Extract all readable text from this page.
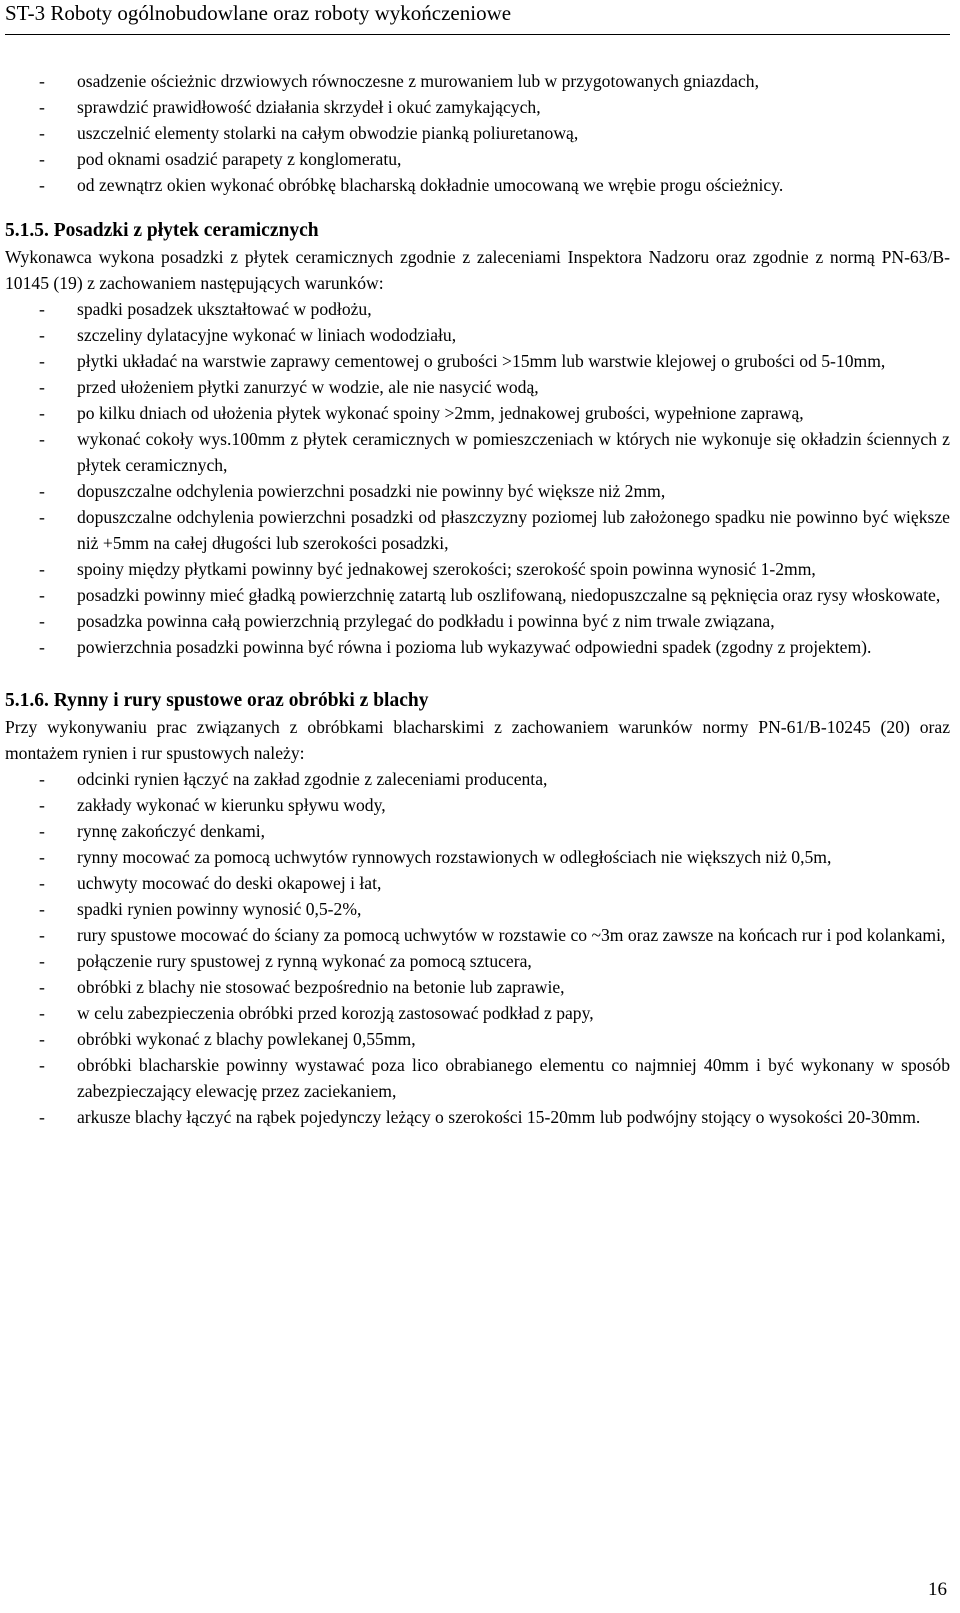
ST-3 Roboty ogólnobudowlane oraz roboty wykończeniowe
- osadzenie ościeżnic drzwiowych równoczesne z murowaniem lub w przygotowanych gniazdach,
- sprawdzić prawidłowość działania skrzydeł i okuć zamykających,
- uszczelnić elementy stolarki na całym obwodzie pianką poliuretanową,
- pod oknami osadzić parapety z konglomeratu,
- od zewnątrz okien wykonać obróbkę blacharską dokładnie umocowaną we wrębie progu ościeżnicy.
5.1.5. Posadzki z płytek ceramicznych

Wykonawca wykona posadzki z płytek ceramicznych zgodnie z zaleceniami Inspektora Nadzoru oraz zgodnie z normą PN-63/B-10145 (19) z zachowaniem następujących warunków:

- spadki posadzek ukształtować w podłożu,
- szczeliny dylatacyjne wykonać w liniach wododziału,
- płytki układać na warstwie zaprawy cementowej o grubości >15mm lub warstwie klejowej o grubości od 5-10mm,
- przed ułożeniem płytki zanurzyć w wodzie, ale nie nasycić wodą,
- po kilku dniach od ułożenia płytek wykonać spoiny >2mm, jednakowej grubości, wypełnione zaprawą,
- wykonać cokoły wys.100mm z płytek ceramicznych w pomieszczeniach w których nie wykonuje się okładzin ściennych z płytek ceramicznych,
- dopuszczalne odchylenia powierzchni posadzki nie powinny być większe niż 2mm,
- dopuszczalne odchylenia powierzchni posadzki od płaszczyzny poziomej lub założonego spadku nie powinno być większe niż +5mm na całej długości lub szerokości posadzki,
- spoiny między płytkami powinny być jednakowej szerokości; szerokość spoin powinna wynosić 1-2mm,
- posadzki powinny mieć gładką powierzchnię zatartą lub oszlifowaną, niedopuszczalne są pęknięcia oraz rysy włoskowate,
- posadzka powinna całą powierzchnią przylegać do podkładu i powinna być z nim trwale związana,
- powierzchnia posadzki powinna być równa i pozioma lub wykazywać odpowiedni spadek (zgodny z projektem).
5.1.6. Rynny i rury spustowe oraz obróbki z blachy

Przy wykonywaniu prac związanych z obróbkami blacharskimi z zachowaniem warunków normy PN-61/B-10245 (20) oraz montażem rynien i rur spustowych należy:

- odcinki rynien łączyć na zakład zgodnie z zaleceniami producenta,
- zakłady wykonać w kierunku spływu wody,
- rynnę zakończyć denkami,
- rynny mocować za pomocą uchwytów rynnowych rozstawionych w odległościach nie większych niż 0,5m,
- uchwyty mocować do deski okapowej i łat,
- spadki rynien powinny wynosić 0,5-2%,
- rury spustowe mocować do ściany za pomocą uchwytów w rozstawie co ~3m oraz zawsze na końcach rur i pod kolankami,
- połączenie rury spustowej z rynną wykonać za pomocą sztucera,
- obróbki z blachy nie stosować bezpośrednio na betonie lub zaprawie,
- w celu zabezpieczenia obróbki przed korozją zastosować podkład z papy,
- obróbki wykonać z blachy powlekanej 0,55mm,
- obróbki blacharskie powinny wystawać poza lico obrabianego elementu co najmniej 40mm i być wykonany w sposób zabezpieczający elewację przez zaciekaniem,
- arkusze blachy łączyć na rąbek pojedynczy leżący o szerokości 15-20mm lub podwójny stojący o wysokości 20-30mm.
16
